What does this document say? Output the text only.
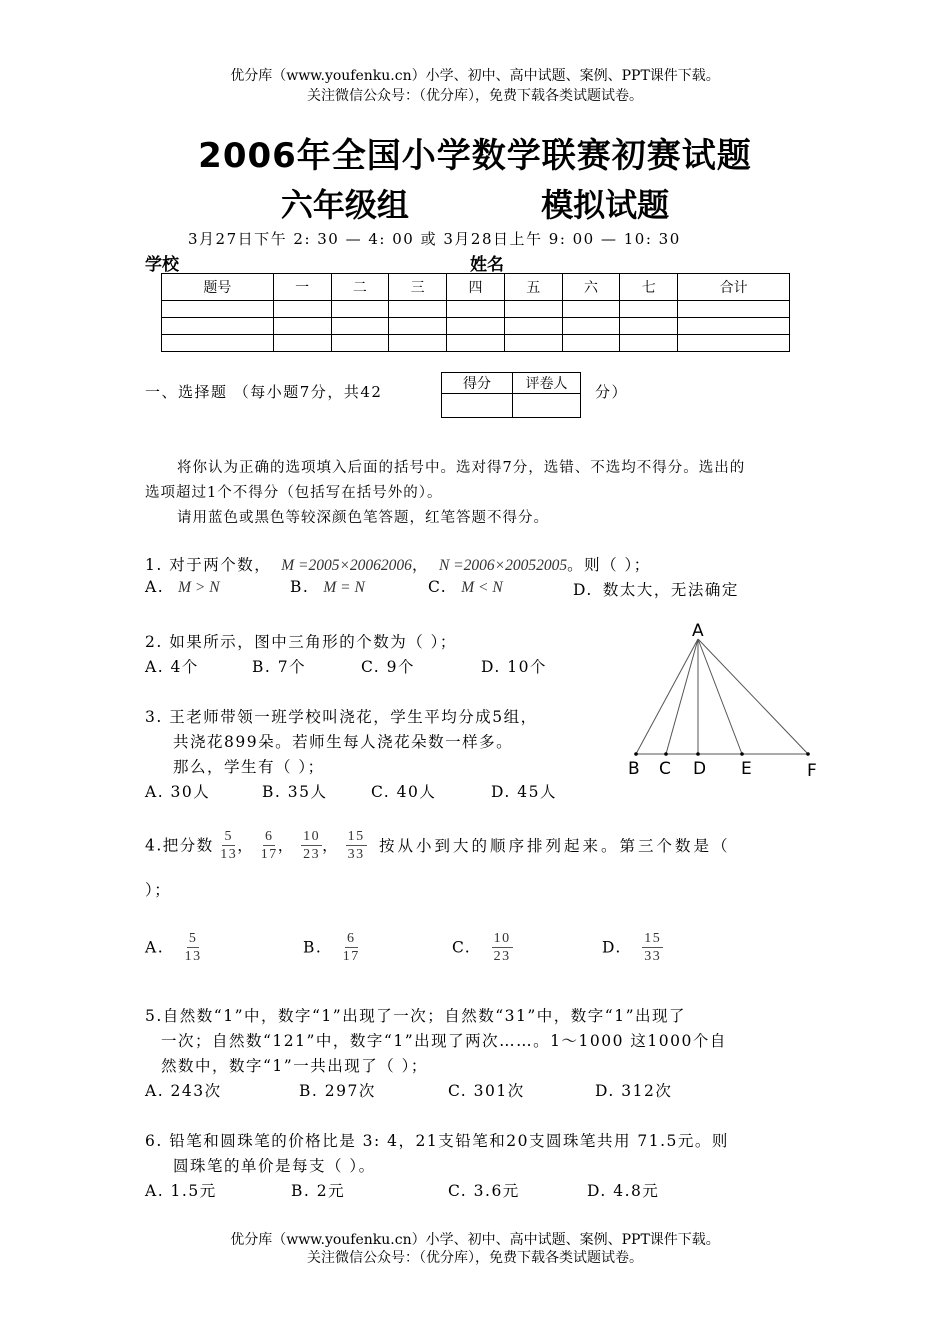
优分库（www.youfenku.cn）小学、初中、高中试题、案例、PPT课件下载。
关注微信公众号：（优分库），免费下载各类试题试卷。
2006年全国小学数学联赛初赛试题
六年级组	模拟试题
3月27日下午 2: 30 — 4: 00 或 3月28日上午 9: 00 — 10: 30
学校	姓名
题号	一	二	三	四	五	六	七	合计

一、选择题 （每小题7分，共42	得分	评卷人
	分）
将你认为正确的选项填入后面的括号中。选对得7分，选错、不选均不得分。选出的
选项超过1个不得分（包括写在括号外的）。
请用蓝色或黑色等较深颜色笔答题，红笔答题不得分。
1. 对于两个数， M =2005×20062006， N =2006×20052005。则（ ）；
A. M > N	B. M = N	C. M < N	D. 数太大，无法确定
2. 如果所示，图中三角形的个数为（ ）；
A. 4个	B. 7个	C. 9个	D. 10个
A
B C D E	F
3. 王老师带领一班学校叫浇花，学生平均分成5组，
共浇花899朵。若师生每人浇花朵数一样多。
那么，学生有（ ）；
A. 30人	B. 35人	C. 40人	D. 45人
4.把分数 $\frac{5}{13}$ ， $\frac{6}{17}$ ， $\frac{10}{23}$ ， $\frac{15}{33}$ 按从小到大的顺序排列起来。第三个数是（
）；
A. $\frac{5}{13}$	B. $\frac{6}{17}$	C. $\frac{10}{23}$	D. $\frac{15}{33}$
5.自然数“1”中，数字“1”出现了一次；自然数“31”中，数字“1”出现了
一次；自然数“121”中，数字“1”出现了两次……。1～1000 这1000个自
然数中，数字“1”一共出现了（ ）；
A. 243次	B. 297次	C. 301次	D. 312次
6. 铅笔和圆珠笔的价格比是 3: 4，21支铅笔和20支圆珠笔共用 71.5元。则
圆珠笔的单价是每支（ ）。
A. 1.5元	B. 2元	C. 3.6元	D. 4.8元
优分库（www.youfenku.cn）小学、初中、高中试题、案例、PPT课件下载。
关注微信公众号：（优分库），免费下载各类试题试卷。
